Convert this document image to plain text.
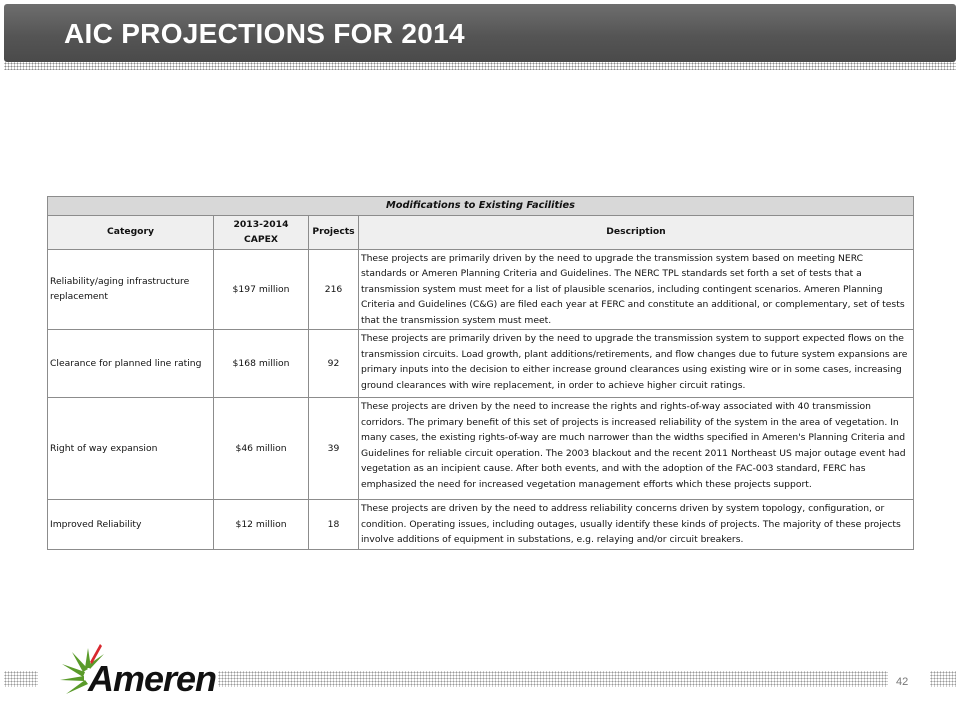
AIC PROJECTIONS FOR 2014
Modifications to Existing Facilities			
Category	2013-2014 CAPEX	Projects	Description
Reliability/aging infrastructure replacement	$197 million	216	These projects are primarily driven by the need to upgrade the transmission system based on meeting NERC standards or Ameren Planning Criteria and Guidelines. The NERC TPL standards set forth a set of tests that a transmission system must meet for a list of plausible scenarios, including contingent scenarios. Ameren Planning Criteria and Guidelines (C&G) are filed each year at FERC and constitute an additional, or complementary, set of tests that the transmission system must meet.
Clearance for planned line rating	$168 million	92	These projects are primarily driven by the need to upgrade the transmission system to support expected flows on the transmission circuits. Load growth, plant additions/retirements, and flow changes due to future system expansions are primary inputs into the decision to either increase ground clearances using existing wire or in some cases, increasing ground clearances with wire replacement, in order to achieve higher circuit ratings.
Right of way expansion	$46 million	39	These projects are driven by the need to increase the rights and rights-of-way associated with 40 transmission corridors. The primary benefit of this set of projects is increased reliability of the system in the area of vegetation. In many cases, the existing rights-of-way are much narrower than the widths specified in Ameren's Planning Criteria and Guidelines for reliable circuit operation. The 2003 blackout and the recent 2011 Northeast US major outage event had vegetation as an incipient cause. After both events, and with the adoption of the FAC-003 standard, FERC has emphasized the need for increased vegetation management efforts which these projects support.
Improved Reliability	$12 million	18	These projects are driven by the need to address reliability concerns driven by system topology, configuration, or condition. Operating issues, including outages, usually identify these kinds of projects. The majority of these projects involve additions of equipment in substations, e.g. relaying and/or circuit breakers.
Ameren	42
